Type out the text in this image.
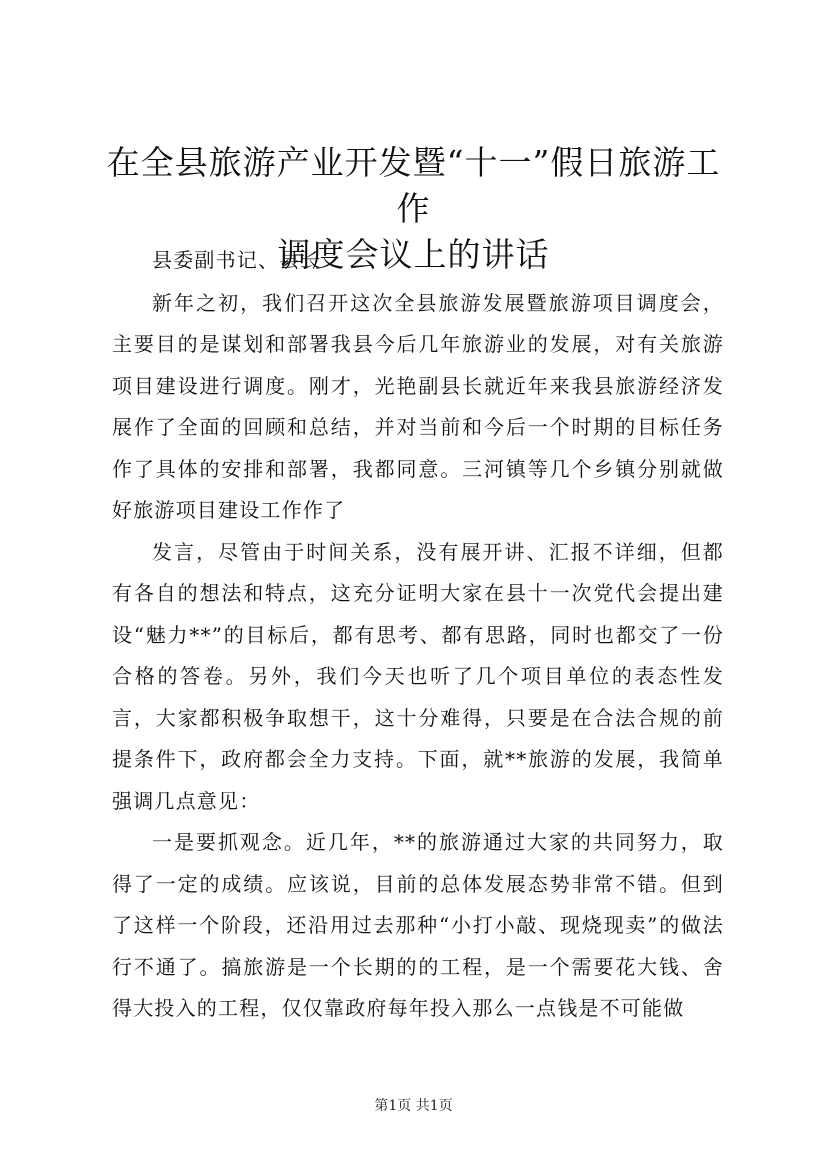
在全县旅游产业开发暨“十一”假日旅游工作
调度会议上的讲话

县委副书记、县长

新年之初，我们召开这次全县旅游发展暨旅游项目调度会，主要目的是谋划和部署我县今后几年旅游业的发展，对有关旅游项目建设进行调度。刚才，光艳副县长就近年来我县旅游经济发展作了全面的回顾和总结，并对当前和今后一个时期的目标任务作了具体的安排和部署，我都同意。三河镇等几个乡镇分别就做好旅游项目建设工作作了

发言，尽管由于时间关系，没有展开讲、汇报不详细，但都有各自的想法和特点，这充分证明大家在县十一次党代会提出建设“魅力**”的目标后，都有思考、都有思路，同时也都交了一份合格的答卷。另外，我们今天也听了几个项目单位的表态性发言，大家都积极争取想干，这十分难得，只要是在合法合规的前提条件下，政府都会全力支持。下面，就**旅游的发展，我简单强调几点意见：

一是要抓观念。近几年，**的旅游通过大家的共同努力，取得了一定的成绩。应该说，目前的总体发展态势非常不错。但到了这样一个阶段，还沿用过去那种“小打小敲、现烧现卖”的做法行不通了。搞旅游是一个长期的的工程，是一个需要花大钱、舍得大投入的工程，仅仅靠政府每年投入那么一点钱是不可能做

第1页 共1页
